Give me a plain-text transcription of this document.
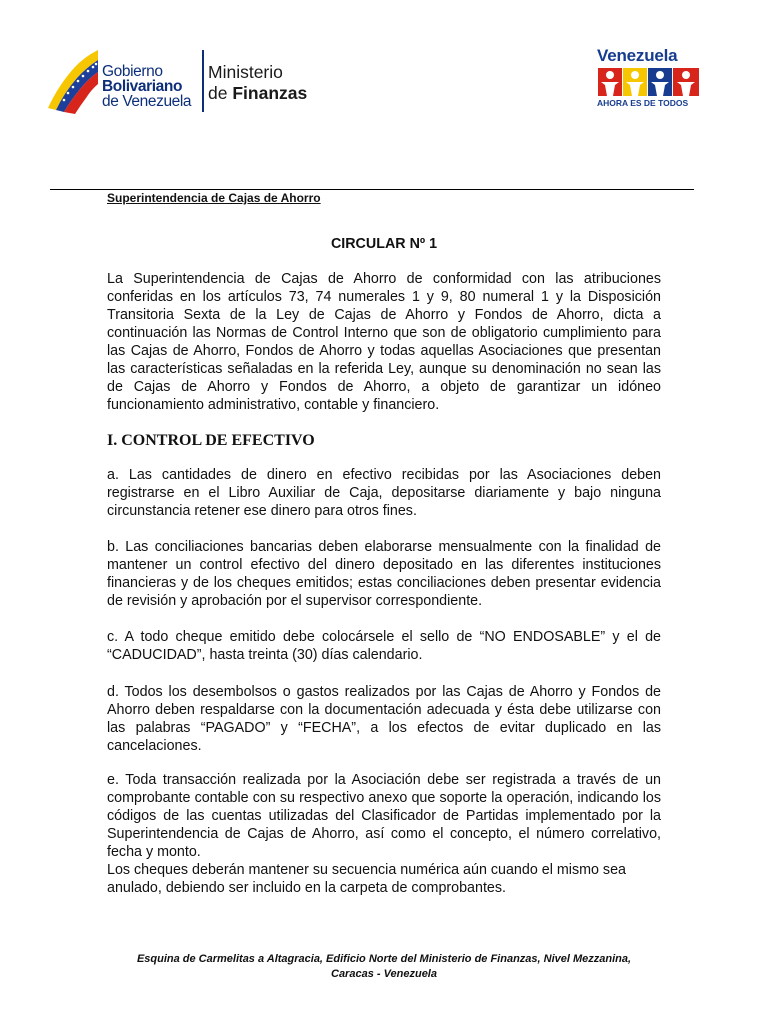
Gobierno
Bolivariano
de Venezuela
Ministerio
de Finanzas
Venezuela
AHORA ES DE TODOS
Superintendencia de Cajas de Ahorro
CIRCULAR Nº 1

La Superintendencia de Cajas de Ahorro de conformidad con las atribuciones conferidas en los artículos 73, 74 numerales 1 y 9, 80 numeral 1 y la Disposición Transitoria Sexta de la Ley de Cajas de Ahorro y Fondos de Ahorro, dicta a continuación las Normas de Control Interno que son de obligatorio cumplimiento para las Cajas de Ahorro, Fondos de Ahorro y todas aquellas Asociaciones que presentan las características señaladas en la referida Ley, aunque su denominación no sean las de Cajas de Ahorro y Fondos de Ahorro, a objeto de garantizar un idóneo funcionamiento administrativo, contable y financiero.

I. CONTROL DE EFECTIVO

a. Las cantidades de dinero en efectivo recibidas por las Asociaciones deben registrarse en el Libro Auxiliar de Caja, depositarse diariamente y bajo ninguna circunstancia retener ese dinero para otros fines.

b. Las conciliaciones bancarias deben elaborarse mensualmente con la finalidad de mantener un control efectivo del dinero depositado en las diferentes instituciones financieras y de los cheques emitidos; estas conciliaciones deben presentar evidencia de revisión y aprobación por el supervisor correspondiente.

c. A todo cheque emitido debe colocársele el sello de “NO ENDOSABLE” y el de “CADUCIDAD”, hasta treinta (30) días calendario.

d. Todos los desembolsos o gastos realizados por las Cajas de Ahorro y Fondos de Ahorro deben respaldarse con la documentación adecuada y ésta debe utilizarse con las palabras “PAGADO” y “FECHA”, a los efectos de evitar duplicado en las cancelaciones.

e. Toda transacción realizada por la Asociación debe ser registrada a través de un comprobante contable con su respectivo anexo que soporte la operación, indicando los códigos de las cuentas utilizadas del Clasificador de Partidas implementado por la Superintendencia de Cajas de Ahorro, así como el concepto, el número correlativo, fecha y monto.

Los cheques deberán mantener su secuencia numérica aún cuando el mismo sea anulado, debiendo ser incluido en la carpeta de comprobantes.

Esquina de Carmelitas a Altagracia, Edificio Norte del Ministerio de Finanzas, Nivel Mezzanina,
Caracas - Venezuela
